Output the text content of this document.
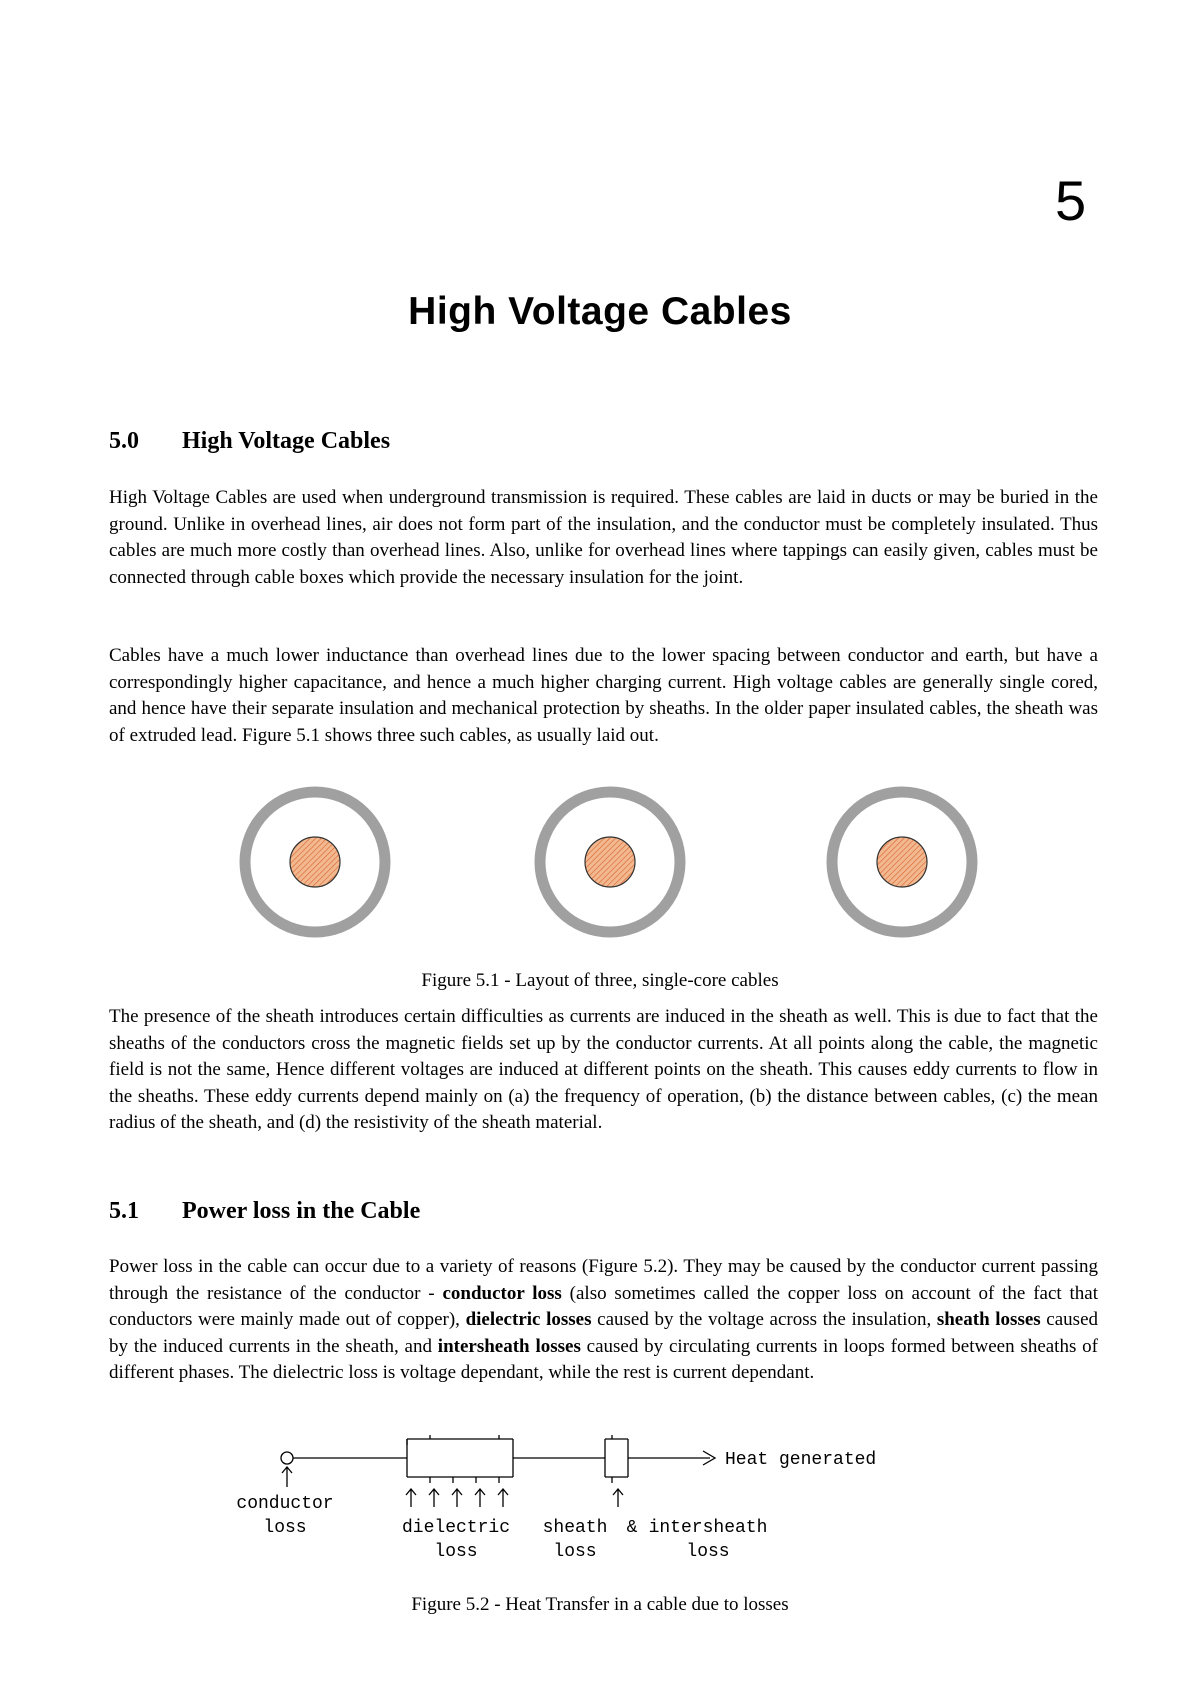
5
High Voltage Cables
5.0 High Voltage Cables

High Voltage Cables are used when underground transmission is required. These cables are laid in ducts or may be buried in the ground. Unlike in overhead lines, air does not form part of the insulation, and the conductor must be completely insulated. Thus cables are much more costly than overhead lines. Also, unlike for overhead lines where tappings can easily given, cables must be connected through cable boxes which provide the necessary insulation for the joint.

Cables have a much lower inductance than overhead lines due to the lower spacing between conductor and earth, but have a correspondingly higher capacitance, and hence a much higher charging current. High voltage cables are generally single cored, and hence have their separate insulation and mechanical protection by sheaths. In the older paper insulated cables, the sheath was of extruded lead. Figure 5.1 shows three such cables, as usually laid out.

Figure 5.1 - Layout of three, single-core cables

The presence of the sheath introduces certain difficulties as currents are induced in the sheath as well. This is due to fact that the sheaths of the conductors cross the magnetic fields set up by the conductor currents. At all points along the cable, the magnetic field is not the same, Hence different voltages are induced at different points on the sheath. This causes eddy currents to flow in the sheaths. These eddy currents depend mainly on (a) the frequency of operation, (b) the distance between cables, (c) the mean radius of the sheath, and (d) the resistivity of the sheath material.

5.1 Power loss in the Cable

Power loss in the cable can occur due to a variety of reasons (Figure 5.2). They may be caused by the conductor current passing through the resistance of the conductor - conductor loss (also sometimes called the copper loss on account of the fact that conductors were mainly made out of copper), dielectric losses caused by the voltage across the insulation, sheath losses caused by the induced currents in the sheath, and intersheath losses caused by circulating currents in loops formed between sheaths of different phases. The dielectric loss is voltage dependant, while the rest is current dependant.

Heat generated
conductor
loss	dielectric
loss
sheath
loss
& intersheath
loss
Figure 5.2 - Heat Transfer in a cable due to losses
